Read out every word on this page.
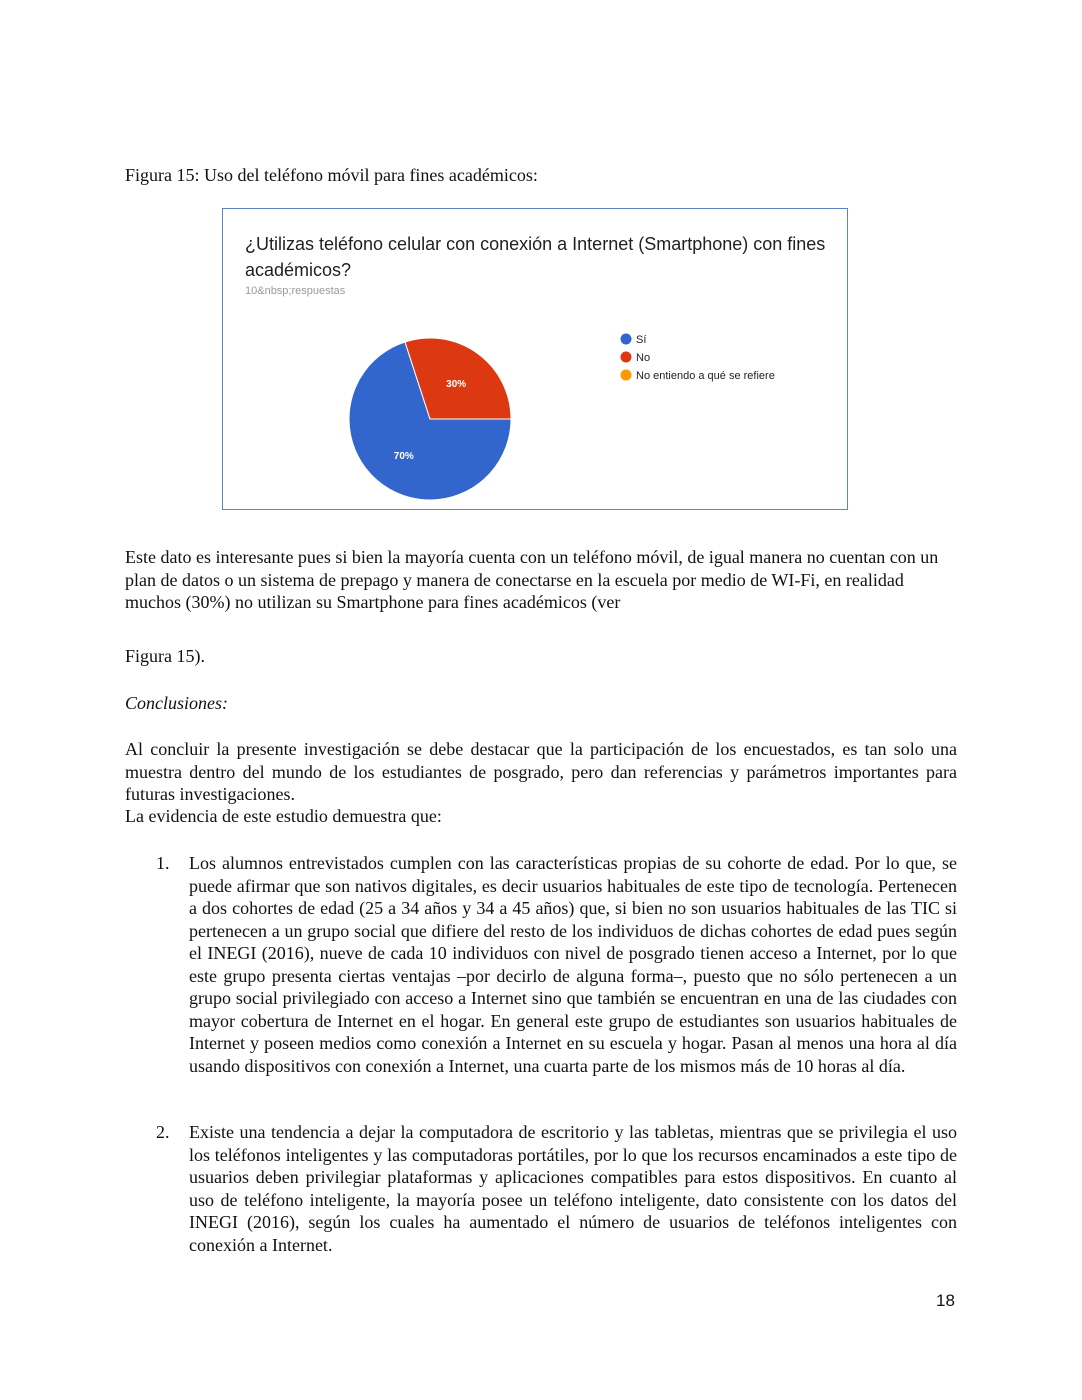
Figura 15: Uso del teléfono móvil para fines académicos:
¿Utilizas teléfono celular con conexión a Internet (Smartphone) con fines académicos?
10&nbsp;respuestas
70%
30%
Sí
No
No entiendo a qué se refiere
Este dato es interesante pues si bien la mayoría cuenta con un teléfono móvil, de igual manera no cuentan con un plan de datos o un sistema de prepago y manera de conectarse en la escuela por medio de WI-Fi, en realidad muchos (30%) no utilizan su Smartphone para fines académicos (ver
Figura 15).
Conclusiones:
Al concluir la presente investigación se debe destacar que la participación de los encuestados, es tan solo una muestra dentro del mundo de los estudiantes de posgrado, pero dan referencias y parámetros importantes para futuras investigaciones.
La evidencia de este estudio demuestra que:
1.	Los alumnos entrevistados cumplen con las características propias de su cohorte de edad. Por lo que, se puede afirmar que son nativos digitales, es decir usuarios habituales de este tipo de tecnología. Pertenecen a dos cohortes de edad (25 a 34 años y 34 a 45 años) que, si bien no son usuarios habituales de las TIC si pertenecen a un grupo social que difiere del resto de los individuos de dichas cohortes de edad pues según el INEGI (2016), nueve de cada 10 individuos con nivel de posgrado tienen acceso a Internet, por lo que este grupo presenta ciertas ventajas –por decirlo de alguna forma–, puesto que no sólo pertenecen a un grupo social privilegiado con acceso a Internet sino que también se encuentran en una de las ciudades con mayor cobertura de Internet en el hogar. En general este grupo de estudiantes son usuarios habituales de Internet y poseen medios como conexión a Internet en su escuela y hogar. Pasan al menos una hora al día usando dispositivos con conexión a Internet, una cuarta parte de los mismos más de 10 horas al día.
2.	Existe una tendencia a dejar la computadora de escritorio y las tabletas, mientras que se privilegia el uso los teléfonos inteligentes y las computadoras portátiles, por lo que los recursos encaminados a este tipo de usuarios deben privilegiar plataformas y aplicaciones compatibles para estos dispositivos. En cuanto al uso de teléfono inteligente, la mayoría posee un teléfono inteligente, dato consistente con los datos del INEGI (2016), según los cuales ha aumentado el número de usuarios de teléfonos inteligentes con conexión a Internet.
18
